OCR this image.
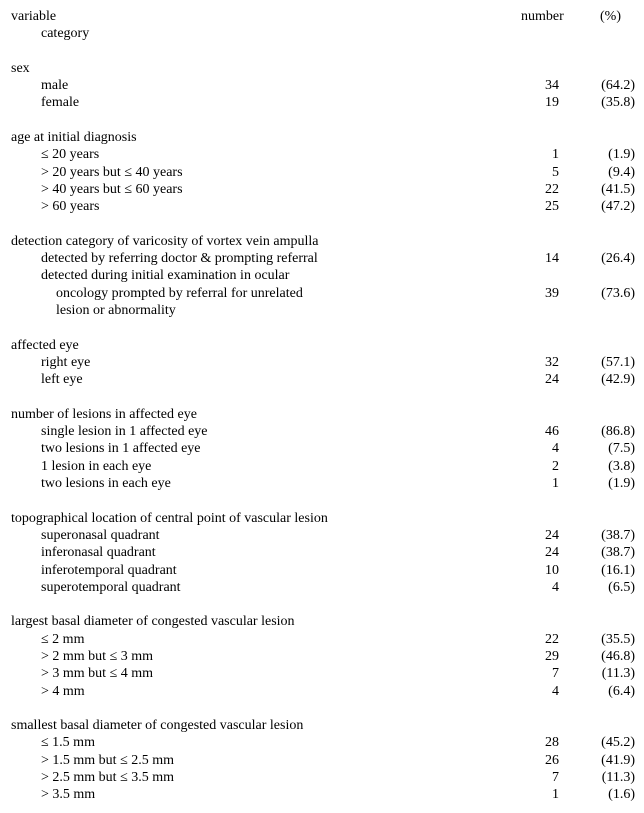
variable	number	(%)
category
sex
male	34	(64.2)
female	19	(35.8)
age at initial diagnosis
≤ 20 years	1	(1.9)
> 20 years but ≤ 40 years	5	(9.4)
> 40 years but ≤ 60 years	22	(41.5)
> 60 years	25	(47.2)
detection category of varicosity of vortex vein ampulla
detected by referring doctor & prompting referral	14	(26.4)
detected during initial examination in ocular
oncology prompted by referral for unrelated	39	(73.6)
lesion or abnormality
affected eye
right eye	32	(57.1)
left eye	24	(42.9)
number of lesions in affected eye
single lesion in 1 affected eye	46	(86.8)
two lesions in 1 affected eye	4	(7.5)
1 lesion in each eye	2	(3.8)
two lesions in each eye	1	(1.9)
topographical location of central point of vascular lesion
superonasal quadrant	24	(38.7)
inferonasal quadrant	24	(38.7)
inferotemporal quadrant	10	(16.1)
superotemporal quadrant	4	(6.5)
largest basal diameter of congested vascular lesion
≤ 2 mm	22	(35.5)
> 2 mm but ≤ 3 mm	29	(46.8)
> 3 mm but ≤ 4 mm	7	(11.3)
> 4 mm	4	(6.4)
smallest basal diameter of congested vascular lesion
≤ 1.5 mm	28	(45.2)
> 1.5 mm but ≤ 2.5 mm	26	(41.9)
> 2.5 mm but ≤ 3.5 mm	7	(11.3)
> 3.5 mm	1	(1.6)
